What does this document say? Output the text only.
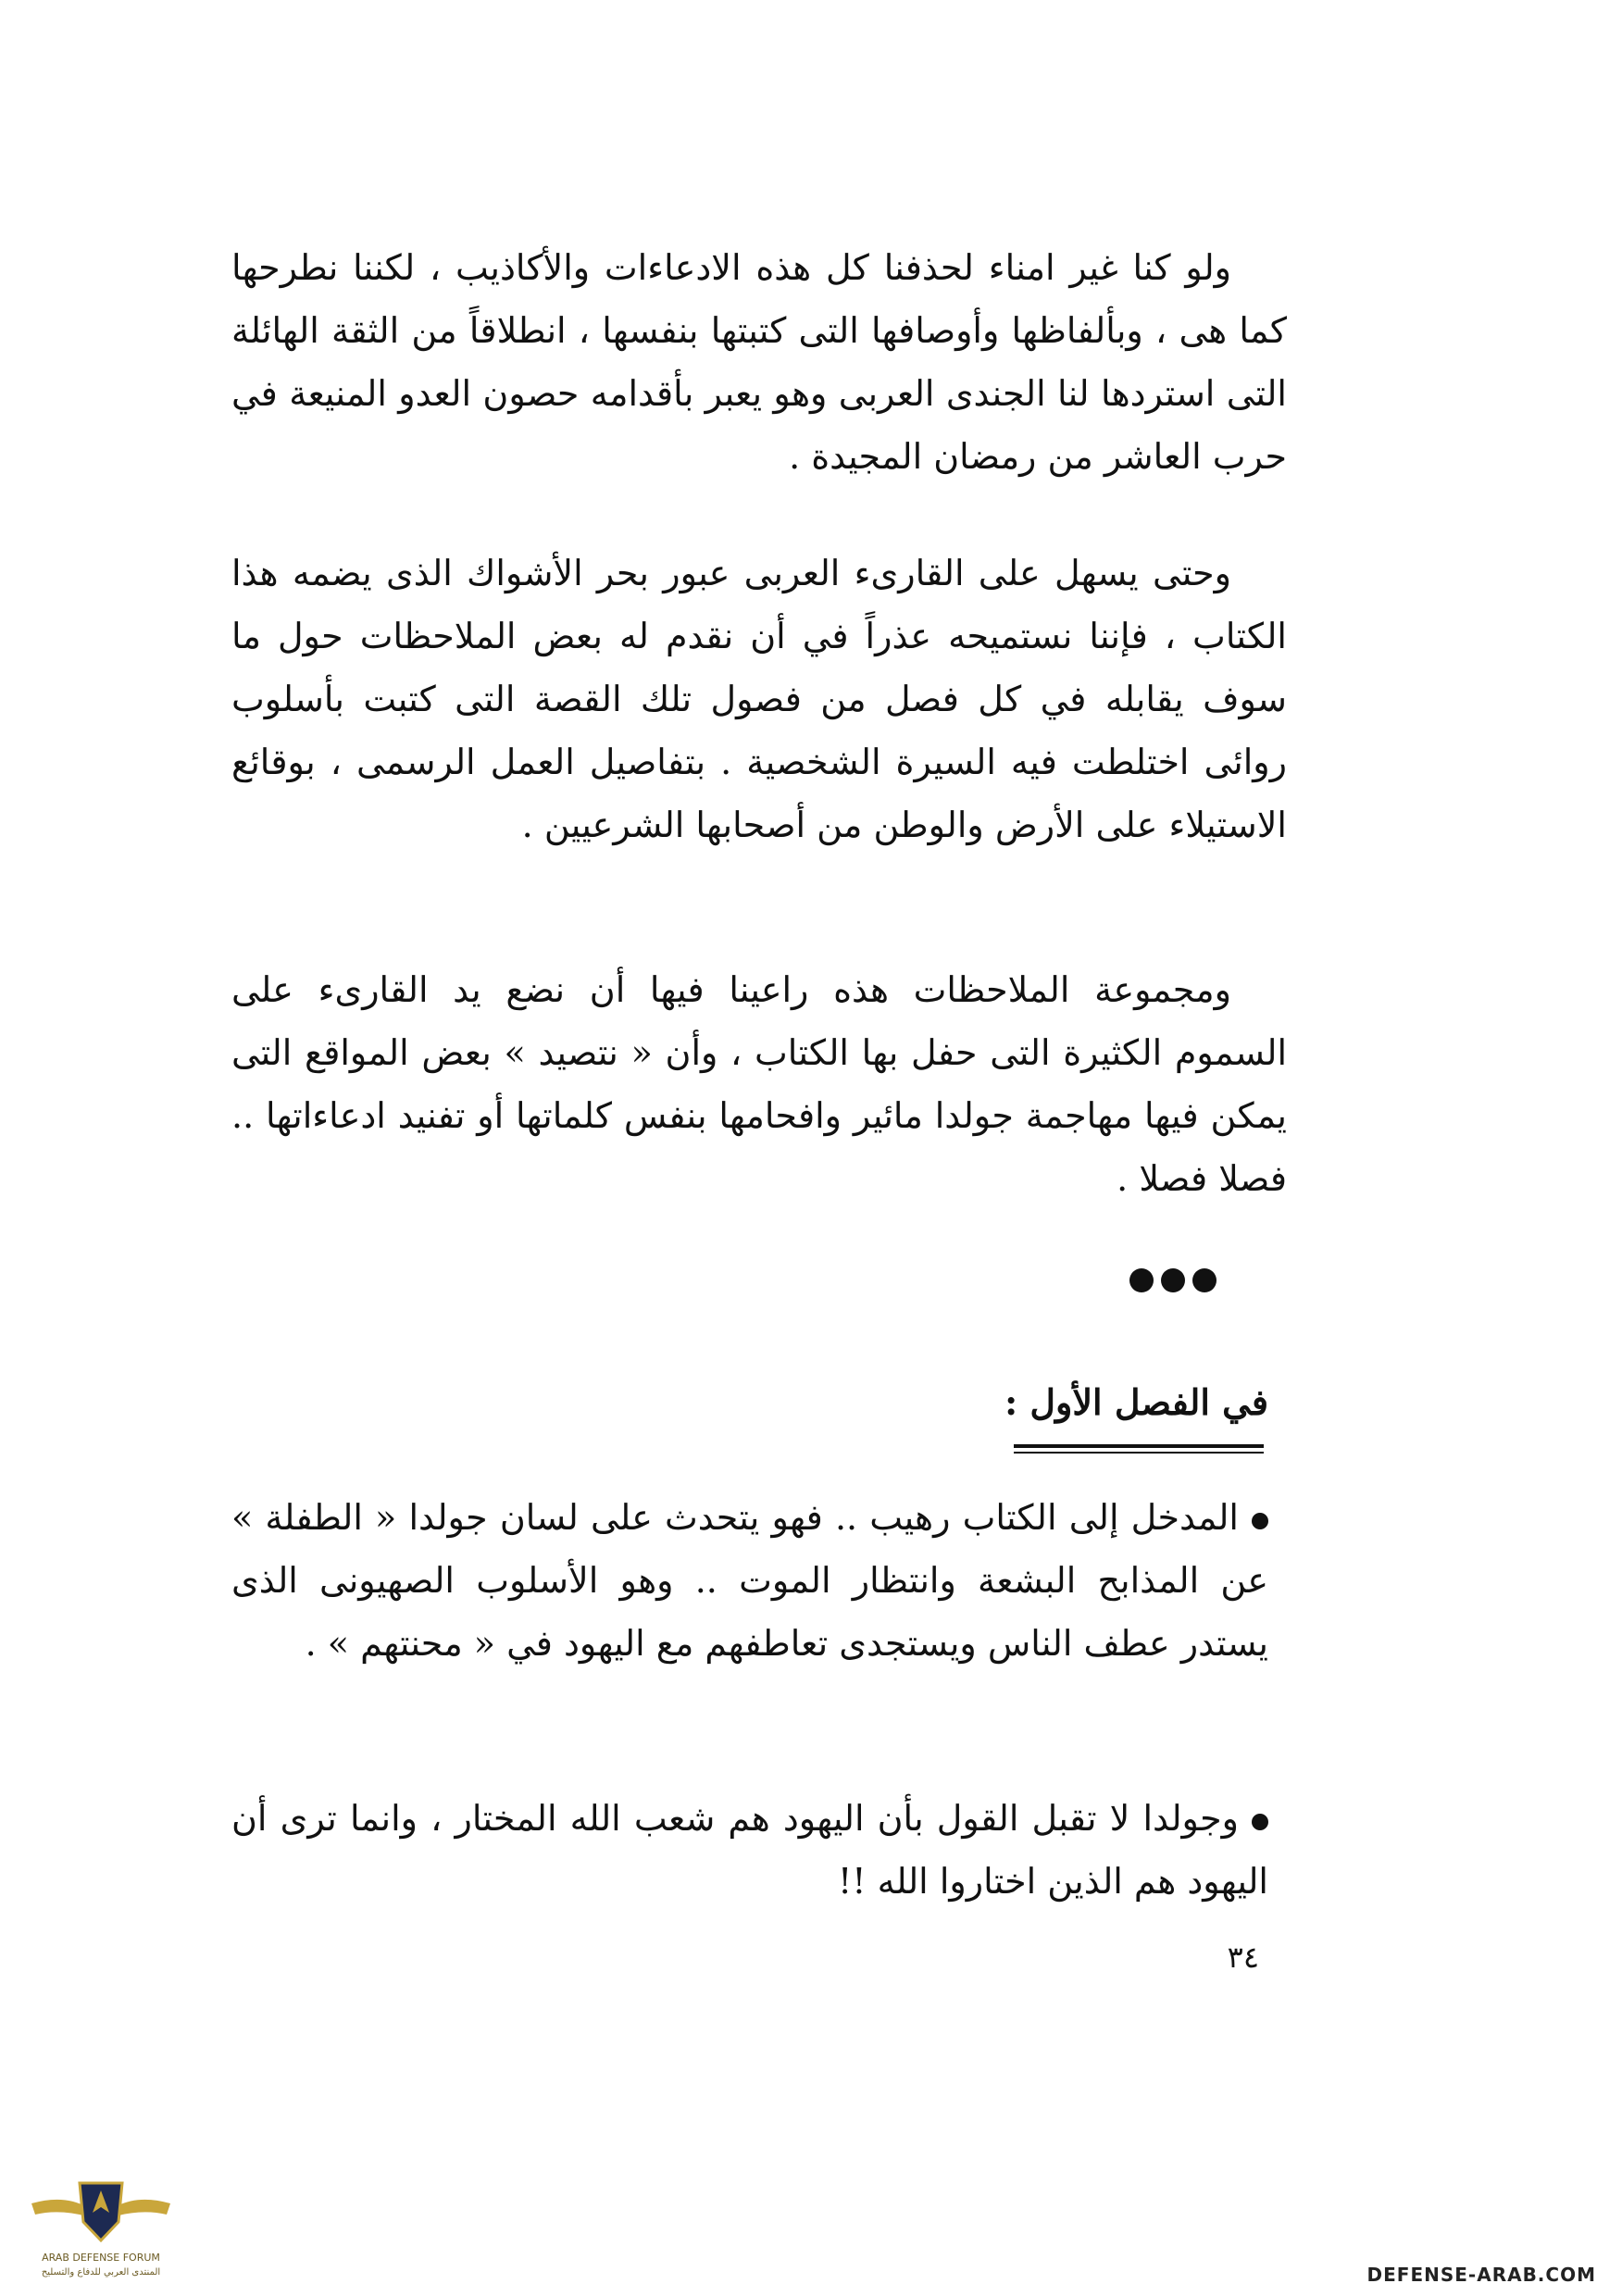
ولو كنا غير امناء لحذفنا كل هذه الادعاءات والأكاذيب ، لكننا نطرحها كما هى ، وبألفاظها وأوصافها التى كتبتها بنفسها ، انطلاقاً من الثقة الهائلة التى استردها لنا الجندى العربى وهو يعبر بأقدامه حصون العدو المنيعة في حرب العاشر من رمضان المجيدة .

وحتى يسهل على القارىء العربى عبور بحر الأشواك الذى يضمه هذا الكتاب ، فإننا نستميحه عذراً في أن نقدم له بعض الملاحظات حول ما سوف يقابله في كل فصل من فصول تلك القصة التى كتبت بأسلوب روائى اختلطت فيه السيرة الشخصية . بتفاصيل العمل الرسمى ، بوقائع الاستيلاء على الأرض والوطن من أصحابها الشرعيين .

ومجموعة الملاحظات هذه راعينا فيها أن نضع يد القارىء على السموم الكثيرة التى حفل بها الكتاب ، وأن « نتصيد » بعض المواقع التى يمكن فيها مهاجمة جولدا مائير وافحامها بنفس كلماتها أو تفنيد ادعاءاتها .. فصلا فصلا .

في الفصل الأول :

المدخل إلى الكتاب رهيب .. فهو يتحدث على لسان جولدا « الطفلة » عن المذابح البشعة وانتظار الموت .. وهو الأسلوب الصهيونى الذى يستدر عطف الناس ويستجدى تعاطفهم مع اليهود في « محنتهم » .

وجولدا لا تقبل القول بأن اليهود هم شعب الله المختار ، وانما ترى أن اليهود هم الذين اختاروا الله !!

٣٤

ARAB DEFENSE FORUM
المنتدى العربي للدفاع والتسليح	DEFENSE-ARAB.COM
